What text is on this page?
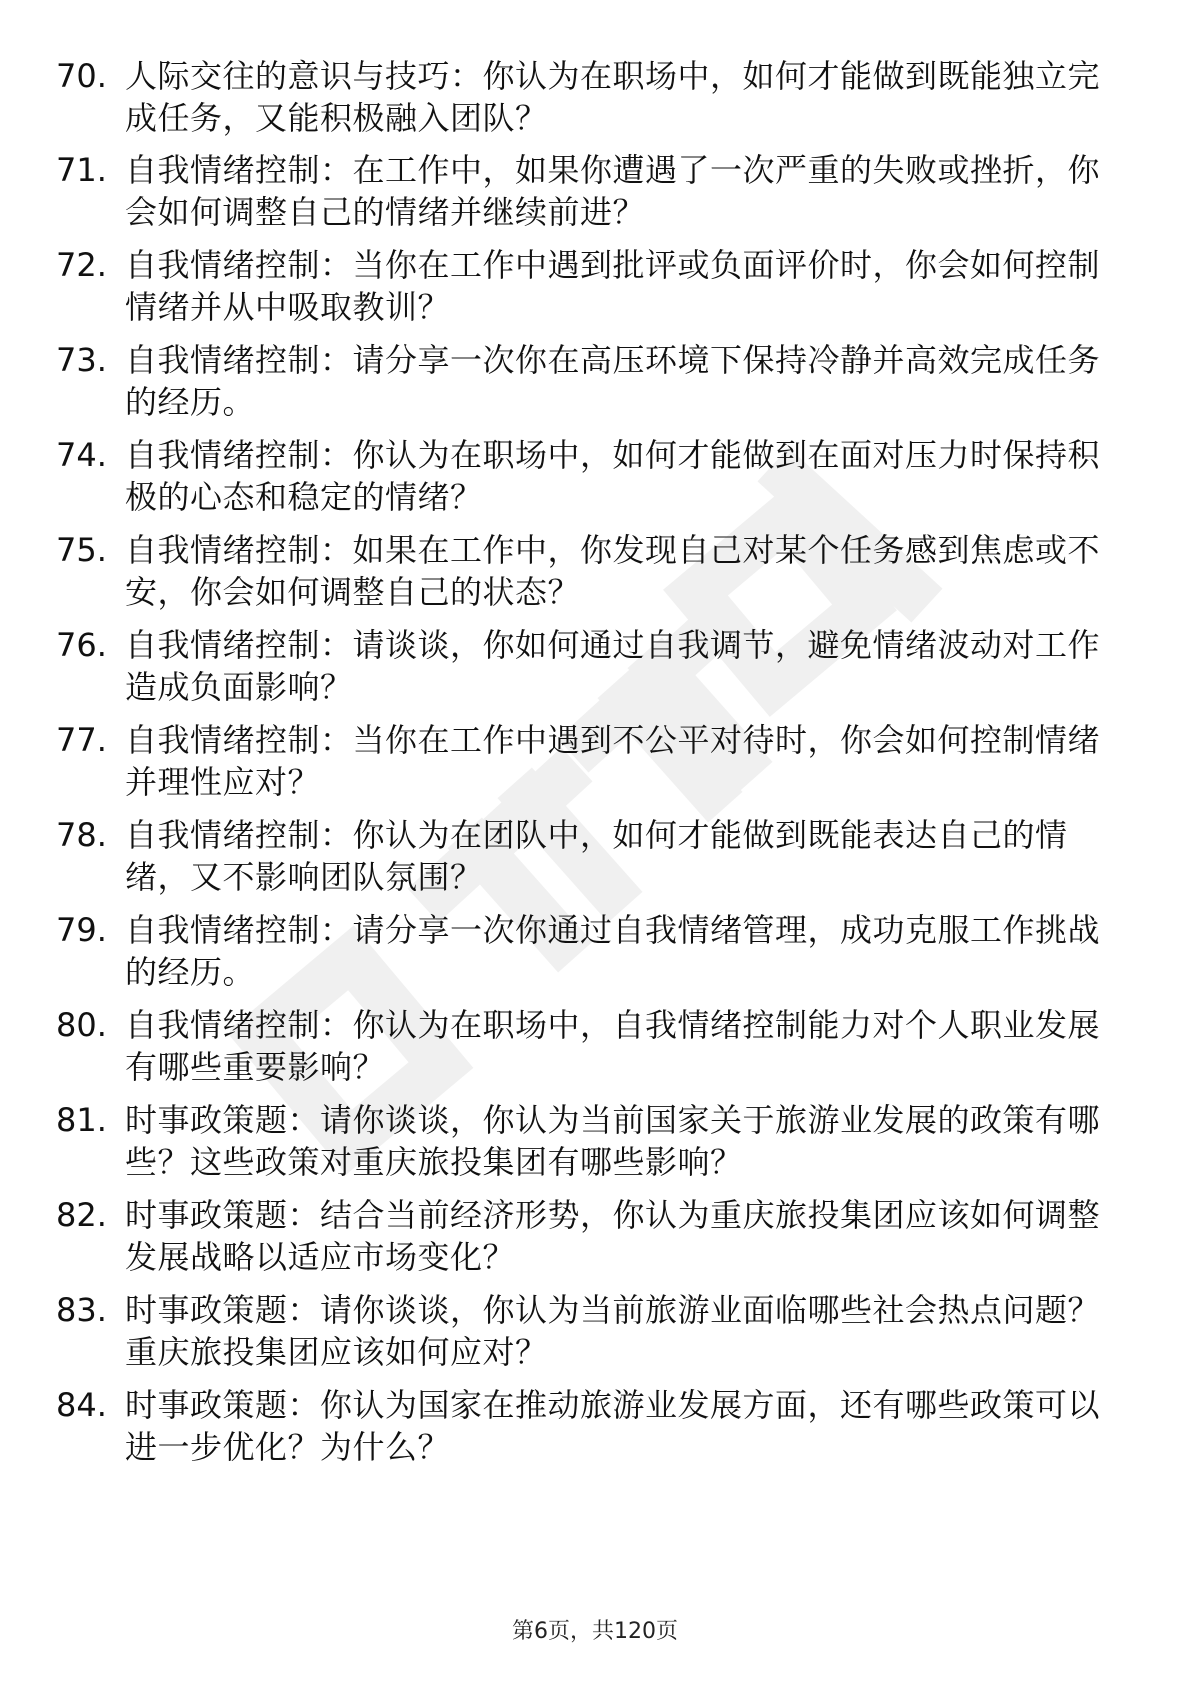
70. 人际交往的意识与技巧：你认为在职场中，如何才能做到既能独立完成任务，又能积极融入团队？
71. 自我情绪控制：在工作中，如果你遭遇了一次严重的失败或挫折，你会如何调整自己的情绪并继续前进？
72. 自我情绪控制：当你在工作中遇到批评或负面评价时，你会如何控制情绪并从中吸取教训？
73. 自我情绪控制：请分享一次你在高压环境下保持冷静并高效完成任务的经历。
74. 自我情绪控制：你认为在职场中，如何才能做到在面对压力时保持积极的心态和稳定的情绪？
75. 自我情绪控制：如果在工作中，你发现自己对某个任务感到焦虑或不安，你会如何调整自己的状态？
76. 自我情绪控制：请谈谈，你如何通过自我调节，避免情绪波动对工作造成负面影响？
77. 自我情绪控制：当你在工作中遇到不公平对待时，你会如何控制情绪并理性应对？
78. 自我情绪控制：你认为在团队中，如何才能做到既能表达自己的情绪，又不影响团队氛围？
79. 自我情绪控制：请分享一次你通过自我情绪管理，成功克服工作挑战的经历。
80. 自我情绪控制：你认为在职场中，自我情绪控制能力对个人职业发展有哪些重要影响？
81. 时事政策题：请你谈谈，你认为当前国家关于旅游业发展的政策有哪些？这些政策对重庆旅投集团有哪些影响？
82. 时事政策题：结合当前经济形势，你认为重庆旅投集团应该如何调整发展战略以适应市场变化？
83. 时事政策题：请你谈谈，你认为当前旅游业面临哪些社会热点问题？重庆旅投集团应该如何应对？
84. 时事政策题：你认为国家在推动旅游业发展方面，还有哪些政策可以进一步优化？为什么？
第6页，共120页
